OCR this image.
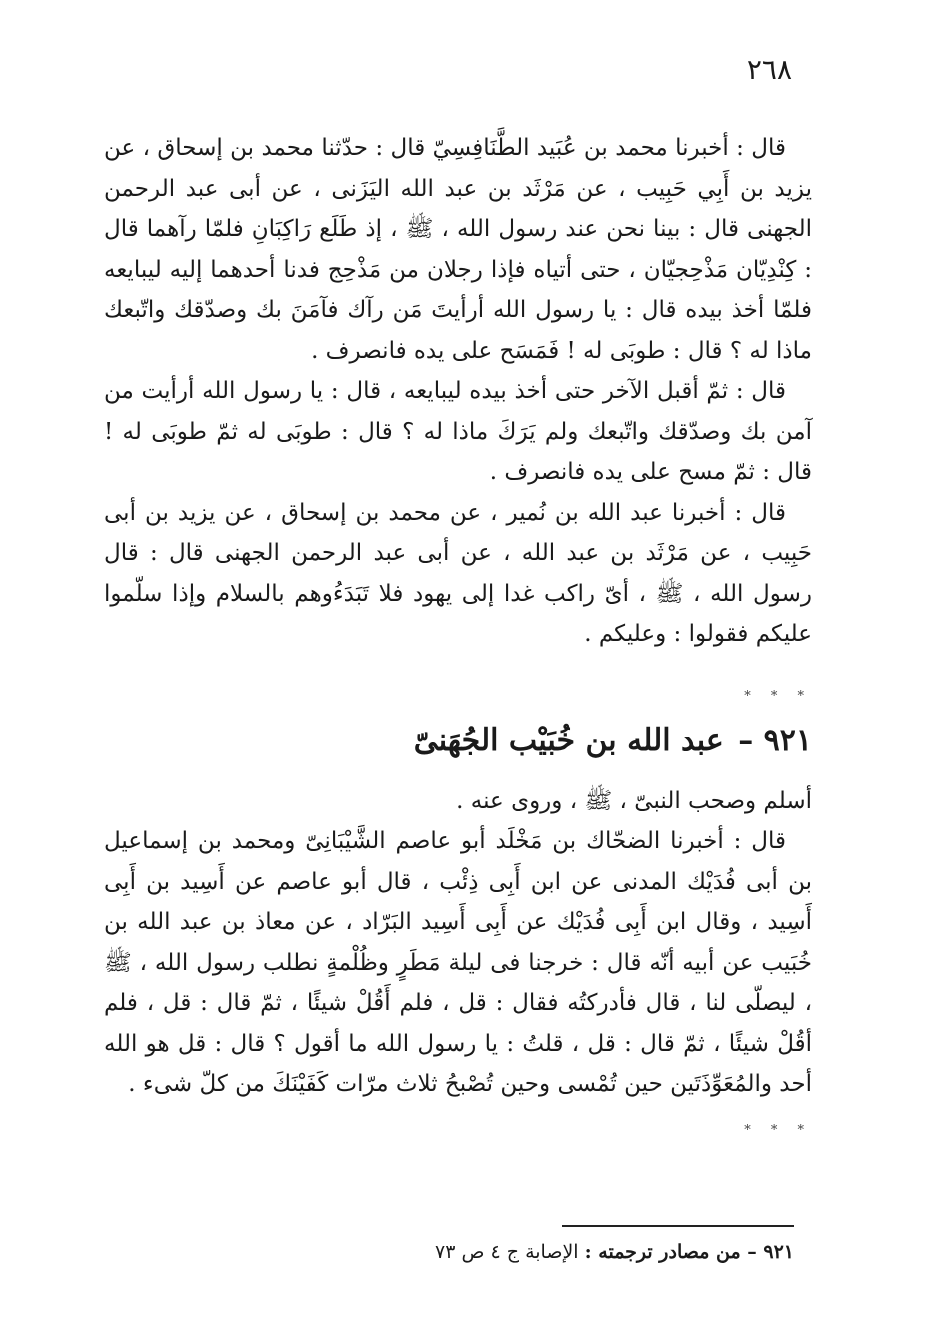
٢٦٨

قال : أخبرنا محمد بن عُبَيد الطَّنَافِسِيّ قال : حدّثنا محمد بن إسحاق ، عن يزيد بن أَبِي حَبِيب ، عن مَرْثَد بن عبد الله اليَزَنى ، عن أبى عبد الرحمن الجهنى قال : بينا نحن عند رسول الله ، ﷺ ، إذ طَلَع رَاكِبَانِ فلمّا رآهما قال : كِنْدِيّان مَذْحِجيّان ، حتى أتياه فإذا رجلان من مَذْحِج فدنا أحدهما إليه ليبايعه فلمّا أخذ بيده قال : يا رسول الله أرأيتَ مَن رآك فآمَنَ بك وصدّقك واتّبعك ماذا له ؟ قال : طوبَى له ! فَمَسَح على يده فانصرف .

قال : ثمّ أقبل الآخر حتى أخذ بيده ليبايعه ، قال : يا رسول الله أرأيت من آمن بك وصدّقك واتّبعك ولم يَرَكَ ماذا له ؟ قال : طوبَى له ثمّ طوبَى له ! قال : ثمّ مسح على يده فانصرف .

قال : أخبرنا عبد الله بن نُمير ، عن محمد بن إسحاق ، عن يزيد بن أبى حَبِيب ، عن مَرْثَد بن عبد الله ، عن أبى عبد الرحمن الجهنى قال : قال رسول الله ، ﷺ ، أىّ راكب غدا إلى يهود فلا تَبَدَءُوهم بالسلام وإذا سلّموا عليكم فقولوا : وعليكم .

* * *
٩٢١ – عبد الله بن خُبَيْب الجُهَنىّ

أسلم وصحب النبىّ ، ﷺ ، وروى عنه .

قال : أخبرنا الضحّاك بن مَخْلَد أبو عاصم الشَّيْبَانِىّ ومحمد بن إسماعيل بن أبى فُدَيْك المدنى عن ابن أَبِى ذِئْب ، قال أبو عاصم عن أَسِيد بن أَبِى أَسِيد ، وقال ابن أَبِى فُدَيْك عن أَبِى أَسِيد البَرّاد ، عن معاذ بن عبد الله بن خُبَيب عن أبيه أنّه قال : خرجنا فى ليلة مَطَرٍ وظُلْمةٍ نطلب رسول الله ، ﷺ ، ليصلّى لنا ، قال فأدركتُه فقال : قل ، فلم أَقُلْ شيئًا ، ثمّ قال : قل ، فلم أقُلْ شيئًا ، ثمّ قال : قل ، قلتُ : يا رسول الله ما أقول ؟ قال : قل هو الله أحد والمُعَوِّذَتَين حين تُمْسى وحين تُصْبحُ ثلاث مرّات كَفَيْنَكَ من كلّ شىء .

* * *
٩٢١ – من مصادر ترجمته : الإصابة ج ٤ ص ٧٣
